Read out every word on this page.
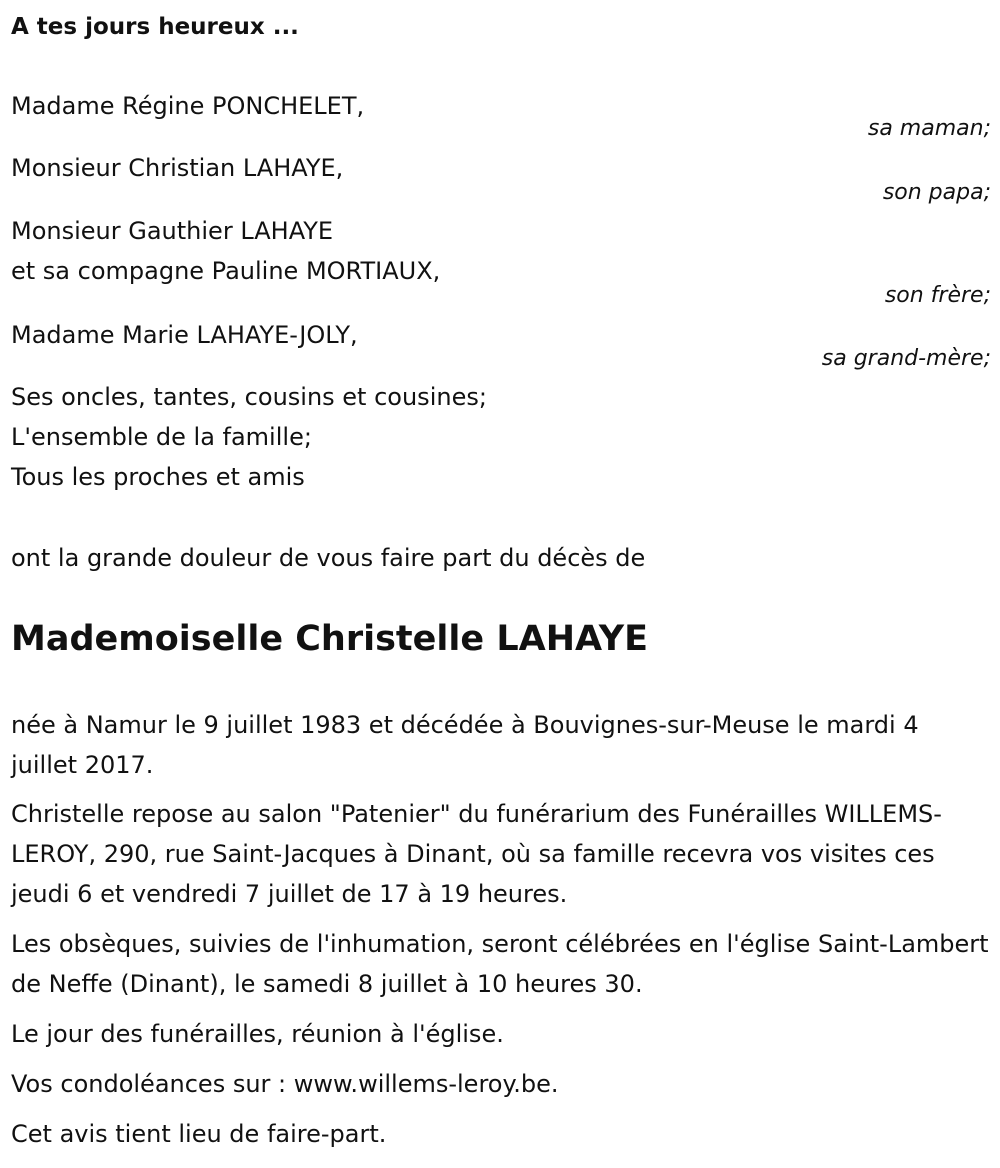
A tes jours heureux ...

Madame Régine PONCHELET,

sa maman;

Monsieur Christian LAHAYE,

son papa;

Monsieur Gauthier LAHAYE

et sa compagne Pauline MORTIAUX,

son frère;

Madame Marie LAHAYE-JOLY,

sa grand-mère;

Ses oncles, tantes, cousins et cousines;

L'ensemble de la famille;

Tous les proches et amis

ont la grande douleur de vous faire part du décès de

Mademoiselle Christelle LAHAYE

née à Namur le 9 juillet 1983 et décédée à Bouvignes-sur-Meuse le mardi 4 juillet 2017.

Christelle repose au salon "Patenier" du funérarium des Funérailles WILLEMS-LEROY, 290, rue Saint-Jacques à Dinant, où sa famille recevra vos visites ces jeudi 6 et vendredi 7 juillet de 17 à 19 heures.

Les obsèques, suivies de l'inhumation, seront célébrées en l'église Saint-Lambert de Neffe (Dinant), le samedi 8 juillet à 10 heures 30.

Le jour des funérailles, réunion à l'église.

Vos condoléances sur : www.willems-leroy.be.

Cet avis tient lieu de faire-part.
